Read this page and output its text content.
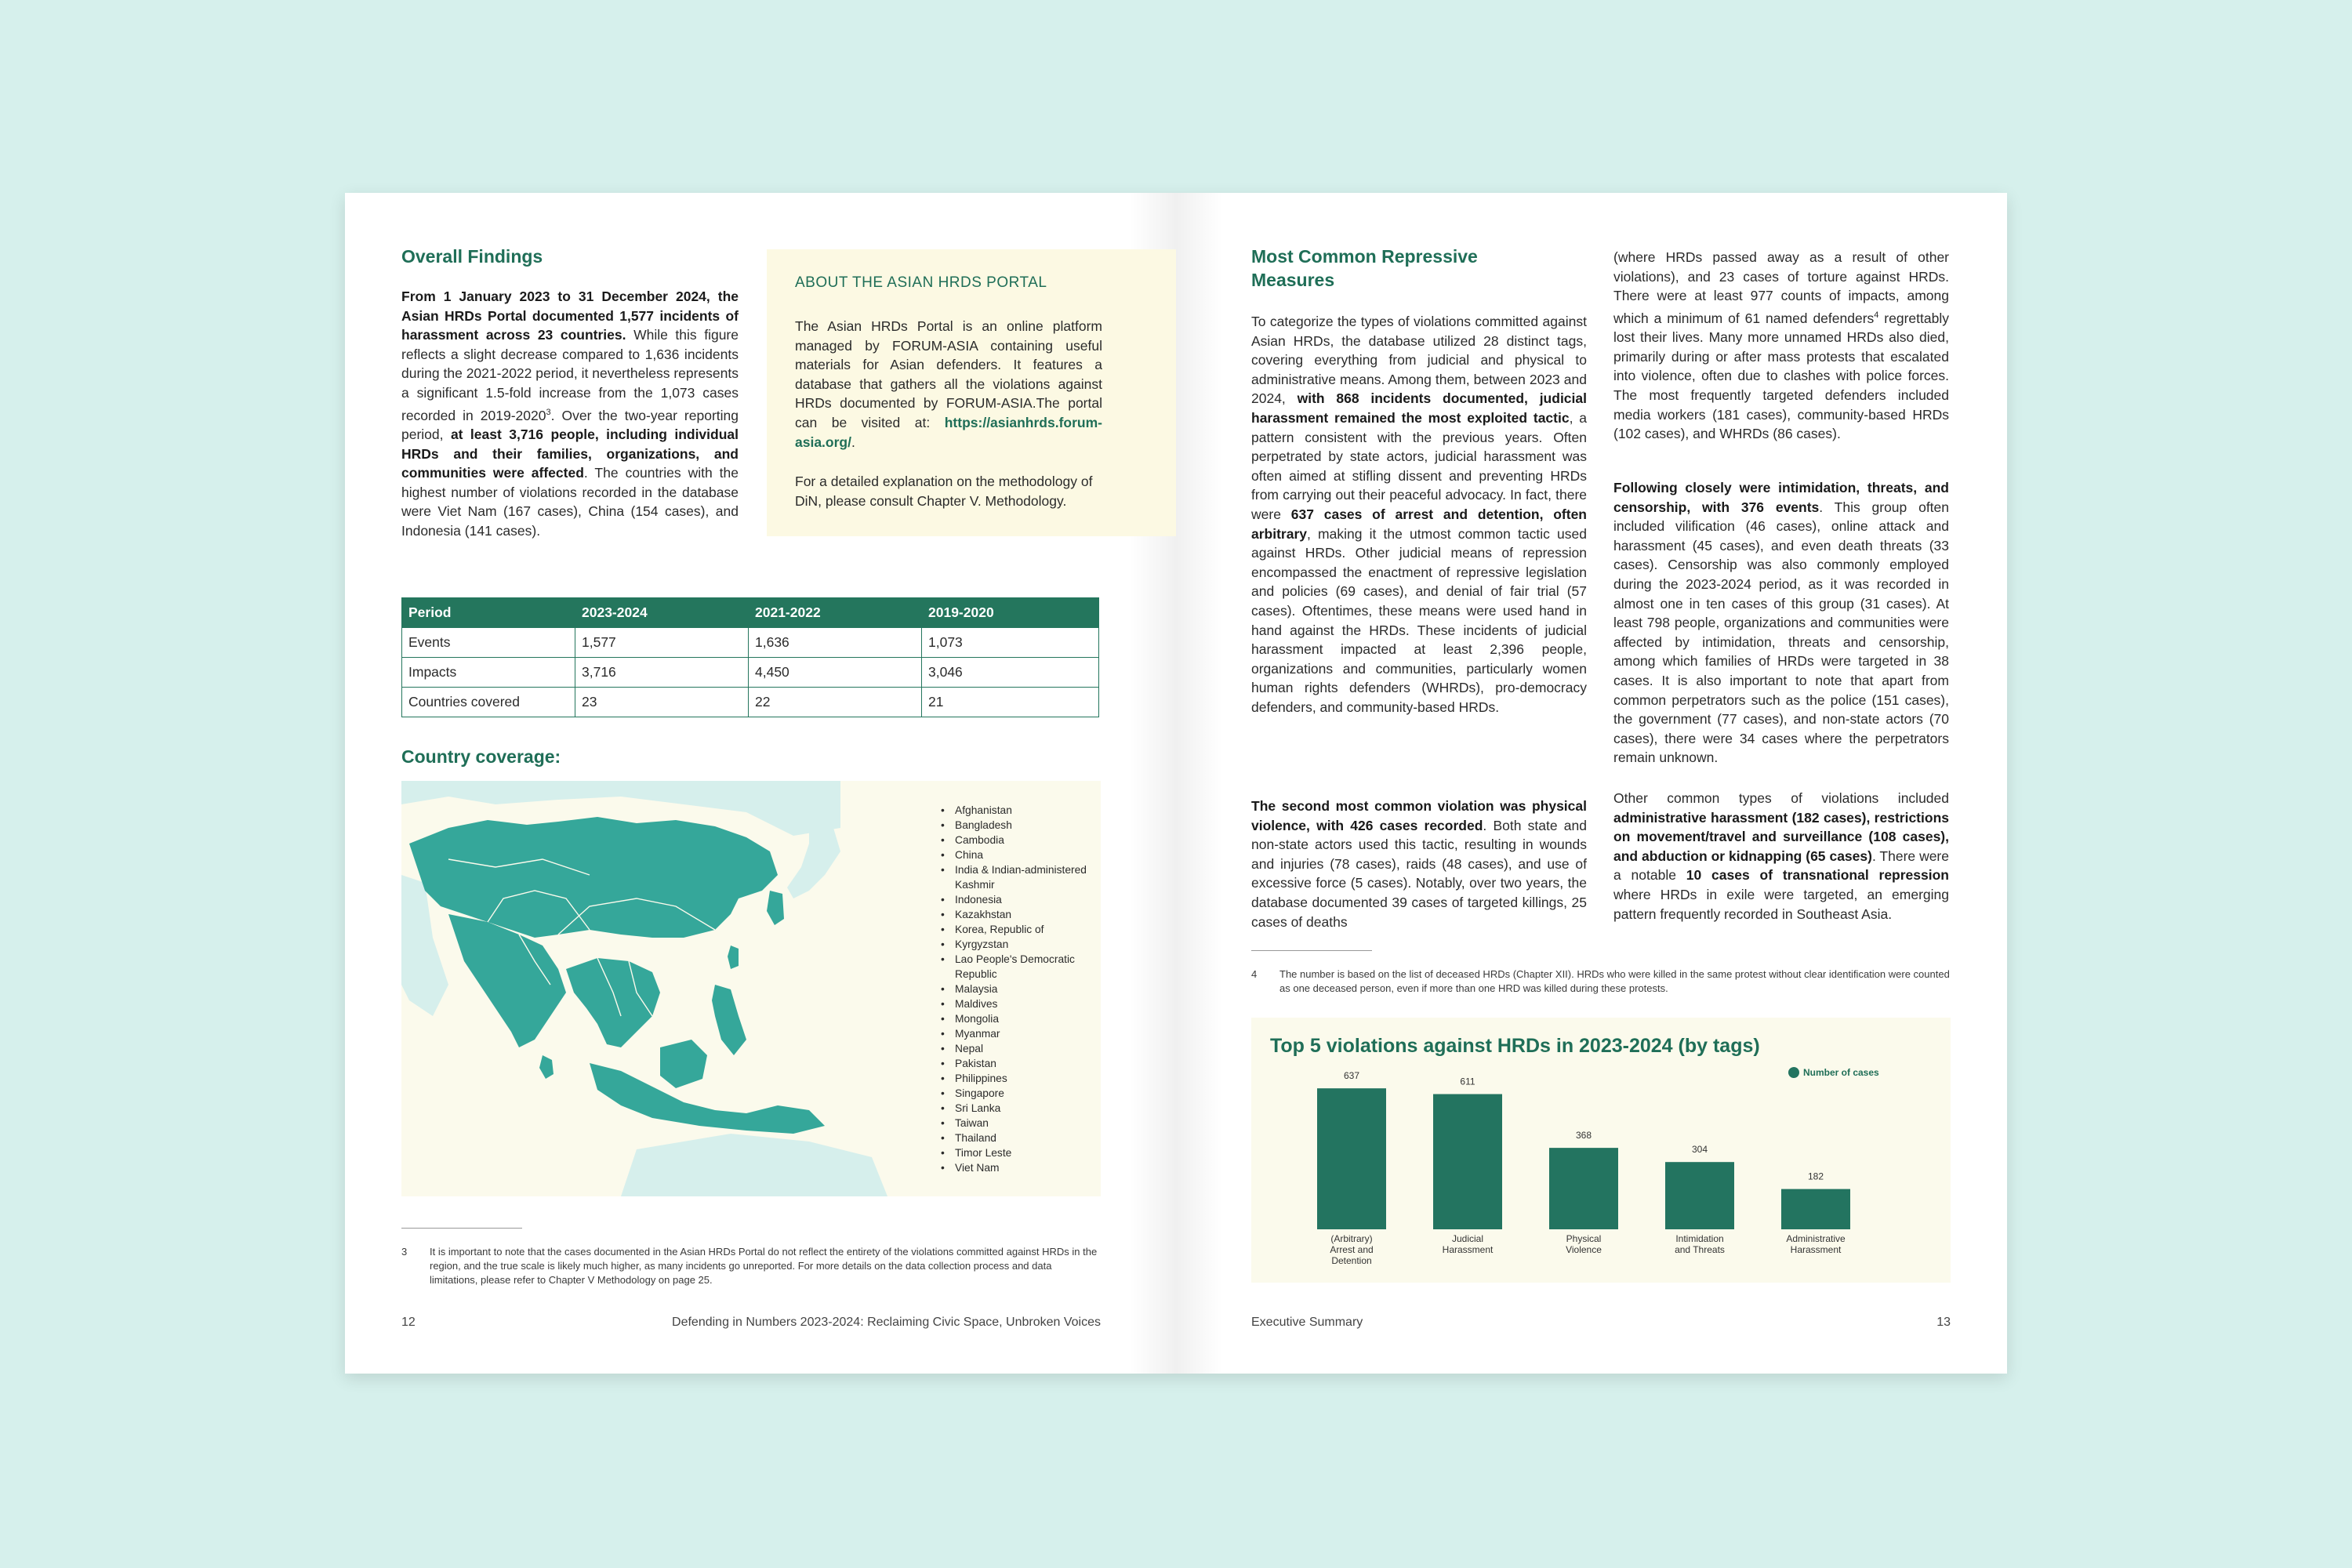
Overall Findings
From 1 January 2023 to 31 December 2024, the Asian HRDs Portal documented 1,577 incidents of harassment across 23 countries. While this figure reflects a slight decrease compared to 1,636 incidents during the 2021-2022 period, it nevertheless represents a significant 1.5-fold increase from the 1,073 cases recorded in 2019-2020$^3$. Over the two-year reporting period, at least 3,716 people, including individual HRDs and their families, organizations, and communities were affected. The countries with the highest number of violations recorded in the database were Viet Nam (167 cases), China (154 cases), and Indonesia (141 cases).
ABOUT THE ASIAN HRDS PORTAL
The Asian HRDs Portal is an online platform managed by FORUM-ASIA containing useful materials for Asian defenders. It features a database that gathers all the violations against HRDs documented by FORUM-ASIA.The portal can be visited at: https://asianhrds.forum-asia.org/.
For a detailed explanation on the methodology of DiN, please consult Chapter V. Methodology.
Period	2023-2024	2021-2022	2019-2020
Events	1,577	1,636	1,073
Impacts	3,716	4,450	3,046
Countries covered	23	22	21
Country coverage:
• Afghanistan
• Bangladesh
• Cambodia
• China
• India & Indian-administered Kashmir
• Indonesia
• Kazakhstan
• Korea, Republic of
• Kyrgyzstan
• Lao People's Democratic Republic
• Malaysia
• Maldives
• Mongolia
• Myanmar
• Nepal
• Pakistan
• Philippines
• Singapore
• Sri Lanka
• Taiwan
• Thailand
• Timor Leste
• Viet Nam
3	It is important to note that the cases documented in the Asian HRDs Portal do not reflect the entirety of the violations committed against HRDs in the region, and the true scale is likely much higher, as many incidents go unreported. For more details on the data collection process and data limitations, please refer to Chapter V Methodology on page 25.
12	Defending in Numbers 2023-2024: Reclaiming Civic Space, Unbroken Voices
Most Common Repressive
Measures
To categorize the types of violations committed against Asian HRDs, the database utilized 28 distinct tags, covering everything from judicial and physical to administrative means. Among them, between 2023 and 2024, with 868 incidents documented, judicial harassment remained the most exploited tactic, a pattern consistent with the previous years. Often perpetrated by state actors, judicial harassment was often aimed at stifling dissent and preventing HRDs from carrying out their peaceful advocacy. In fact, there were 637 cases of arrest and detention, often arbitrary, making it the utmost common tactic used against HRDs. Other judicial means of repression encompassed the enactment of repressive legislation and policies (69 cases), and denial of fair trial (57 cases). Oftentimes, these means were used hand in hand against the HRDs. These incidents of judicial harassment impacted at least 2,396 people, organizations and communities, particularly women human rights defenders (WHRDs), pro-democracy defenders, and community-based HRDs.
The second most common violation was physical violence, with 426 cases recorded. Both state and non-state actors used this tactic, resulting in wounds and injuries (78 cases), raids (48 cases), and use of excessive force (5 cases). Notably, over two years, the database documented 39 cases of targeted killings, 25 cases of deaths
(where HRDs passed away as a result of other violations), and 23 cases of torture against HRDs. There were at least 977 counts of impacts, among which a minimum of 61 named defenders$^4$ regrettably lost their lives. Many more unnamed HRDs also died, primarily during or after mass protests that escalated into violence, often due to clashes with police forces. The most frequently targeted defenders included media workers (181 cases), community-based HRDs (102 cases), and WHRDs (86 cases).
Following closely were intimidation, threats, and censorship, with 376 events. This group often included vilification (46 cases), online attack and harassment (45 cases), and even death threats (33 cases). Censorship was also commonly employed during the 2023-2024 period, as it was recorded in almost one in ten cases of this group (31 cases). At least 798 people, organizations and communities were affected by intimidation, threats and censorship, among which families of HRDs were targeted in 38 cases. It is also important to note that apart from common perpetrators such as the police (151 cases), the government (77 cases), and non-state actors (70 cases), there were 34 cases where the perpetrators remain unknown.
Other common types of violations included administrative harassment (182 cases), restrictions on movement/travel and surveillance (108 cases), and abduction or kidnapping (65 cases). There were a notable 10 cases of transnational repression where HRDs in exile were targeted, an emerging pattern frequently recorded in Southeast Asia.
4	The number is based on the list of deceased HRDs (Chapter XII). HRDs who were killed in the same protest without clear identification were counted as one deceased person, even if more than one HRD was killed during these protests.
Top 5 violations against HRDs in 2023-2024 (by tags)
Number of cases
637
(Arbitrary) Arrest and Detention
611
Judicial Harassment
368
Physical Violence
304
Intimidation and Threats
182
Administrative Harassment
Executive Summary	13
